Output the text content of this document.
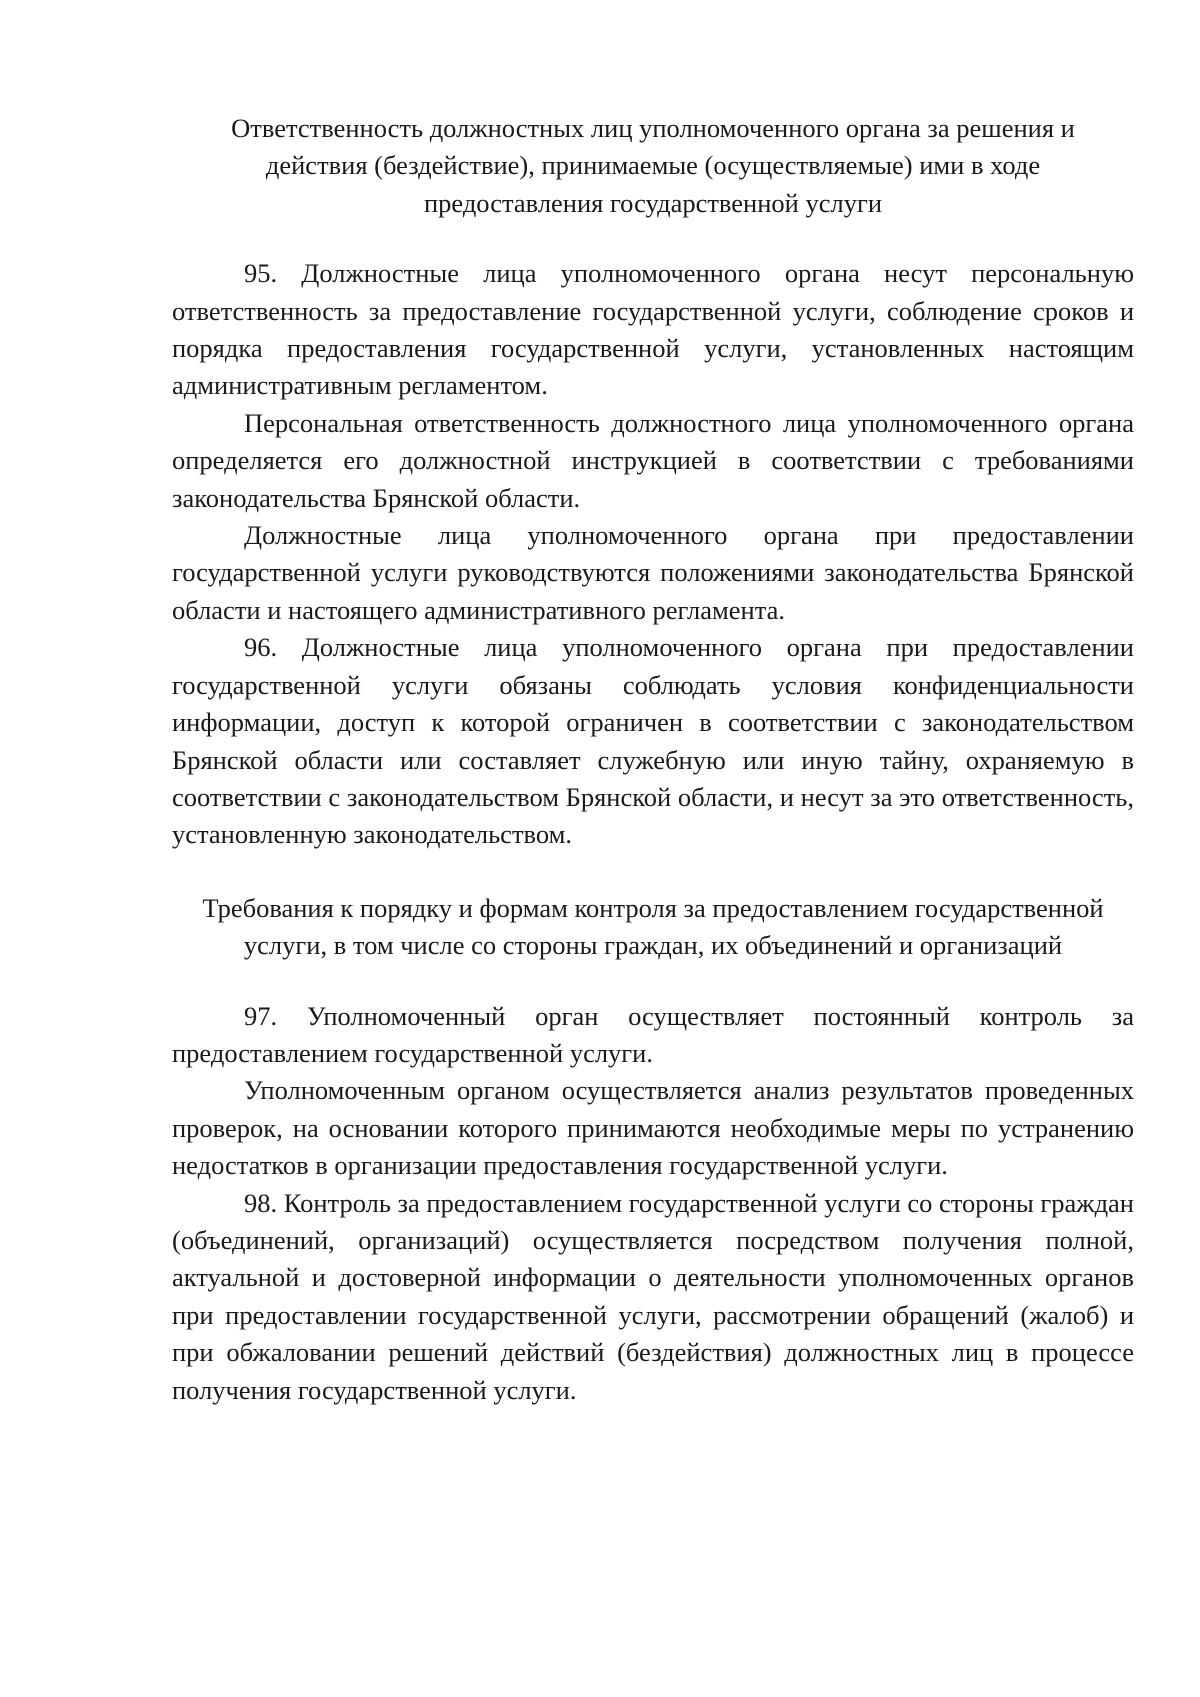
Ответственность должностных лиц уполномоченного органа за решения и действия (бездействие), принимаемые (осуществляемые) ими в ходе предоставления государственной услуги

95. Должностные лица уполномоченного органа несут персональную ответственность за предоставление государственной услуги, соблюдение сроков и порядка предоставления государственной услуги, установленных настоящим административным регламентом.

Персональная ответственность должностного лица уполномоченного органа определяется его должностной инструкцией в соответствии с требованиями законодательства Брянской области.

Должностные лица уполномоченного органа при предоставлении государственной услуги руководствуются положениями законодательства Брянской области и настоящего административного регламента.

96. Должностные лица уполномоченного органа при предоставлении государственной услуги обязаны соблюдать условия конфиденциальности информации, доступ к которой ограничен в соответствии с законодательством Брянской области или составляет служебную или иную тайну, охраняемую в соответствии с законодательством Брянской области, и несут за это ответственность, установленную законодательством.

Требования к порядку и формам контроля за предоставлением государственной услуги, в том числе со стороны граждан, их объединений и организаций

97. Уполномоченный орган осуществляет постоянный контроль за предоставлением государственной услуги.

Уполномоченным органом осуществляется анализ результатов проведенных проверок, на основании которого принимаются необходимые меры по устранению недостатков в организации предоставления государственной услуги.

98. Контроль за предоставлением государственной услуги со стороны граждан (объединений, организаций) осуществляется посредством получения полной, актуальной и достоверной информации о деятельности уполномоченных органов при предоставлении государственной услуги, рассмотрении обращений (жалоб) и при обжаловании решений действий (бездействия) должностных лиц в процессе получения государственной услуги.
